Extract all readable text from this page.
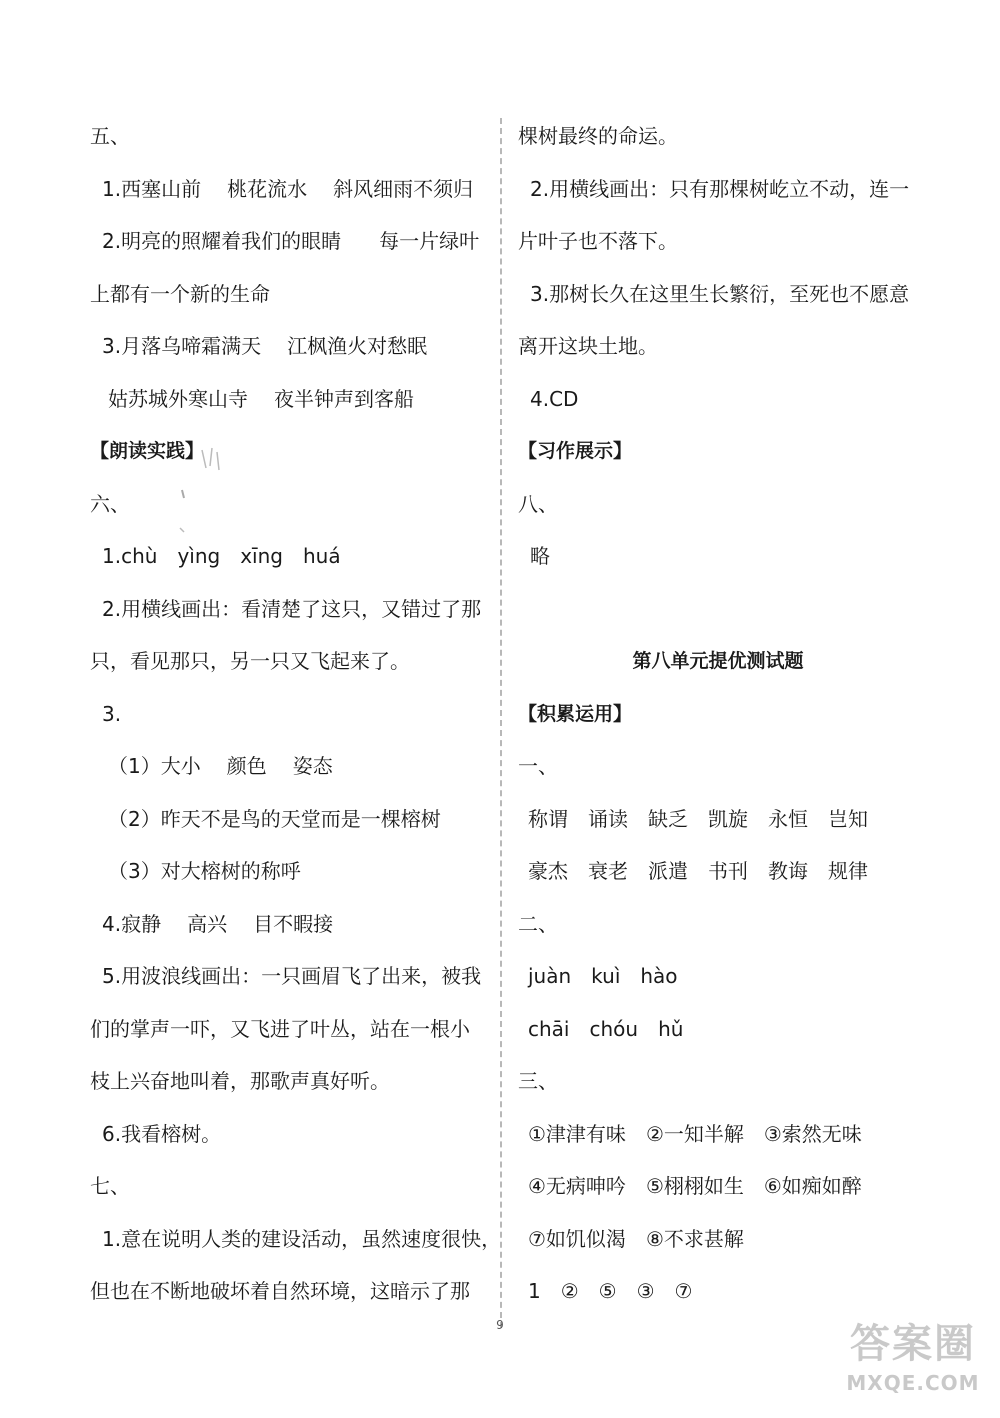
五、
1.西塞山前 桃花流水 斜风细雨不须归
2.明亮的照耀着我们的眼睛 每一片绿叶
上都有一个新的生命
3.月落乌啼霜满天 江枫渔火对愁眠
姑苏城外寒山寺 夜半钟声到客船
【朗读实践】
六、
1.chù yìng xīng huá
2.用横线画出：看清楚了这只，又错过了那
只，看见那只，另一只又飞起来了。
3.
（1）大小 颜色 姿态
（2）昨天不是鸟的天堂而是一棵榕树
（3）对大榕树的称呼
4.寂静 高兴 目不暇接
5.用波浪线画出：一只画眉飞了出来，被我
们的掌声一吓，又飞进了叶丛，站在一根小
枝上兴奋地叫着，那歌声真好听。
6.我看榕树。
七、
1.意在说明人类的建设活动，虽然速度很快，
但也在不断地破坏着自然环境，这暗示了那
棵树最终的命运。
2.用横线画出：只有那棵树屹立不动，连一
片叶子也不落下。
3.那树长久在这里生长繁衍，至死也不愿意
离开这块土地。
4.CD
【习作展示】
八、
略
第八单元提优测试题
【积累运用】
一、
称谓 诵读 缺乏 凯旋 永恒 岂知
豪杰 衰老 派遣 书刊 教诲 规律
二、
juàn kuì hào
chāi chóu hǔ
三、
①津津有味 ②一知半解 ③索然无味
④无病呻吟 ⑤栩栩如生 ⑥如痴如醉
⑦如饥似渴 ⑧不求甚解
1 ② ⑤ ③ ⑦
9	答案圈
MXQE.COM
